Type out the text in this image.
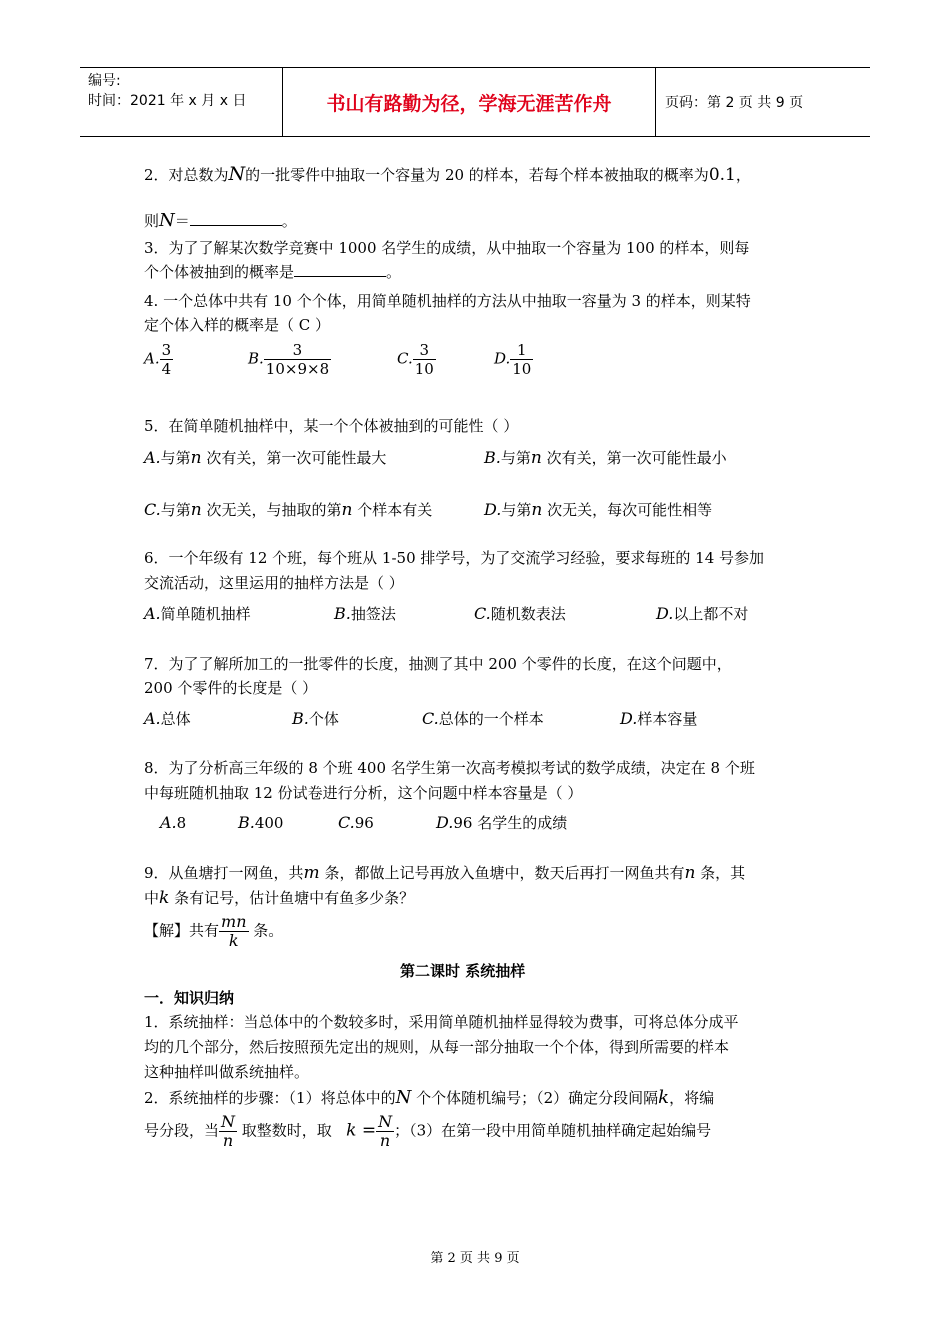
编号:
时间：2021 年 x 月 x 日	书山有路勤为径，学海无涯苦作舟	页码：第 2 页 共 9 页
2．对总数为N的一批零件中抽取一个容量为 20 的样本，若每个样本被抽取的概率为0.1，
则N＝	。
3．为了了解某次数学竞赛中 1000 名学生的成绩，从中抽取一个容量为 100 的样本，则每
个个体被抽到的概率是	。
4. 一个总体中共有 10 个个体，用简单随机抽样的方法从中抽取一容量为 3 的样本，则某特
定个体入样的概率是（ C ）
A. $\frac{3}{4}$	B. $\frac{3}{10\times 9\times 8}$	C. $\frac{3}{10}$	D. $\frac{1}{10}$
5．在简单随机抽样中，某一个个体被抽到的可能性（ ）
A.与第n 次有关，第一次可能性最大	B.与第n 次有关，第一次可能性最小
C.与第n 次无关，与抽取的第n 个样本有关	D.与第n 次无关，每次可能性相等
6．一个年级有 12 个班，每个班从 1-50 排学号，为了交流学习经验，要求每班的 14 号参加
交流活动，这里运用的抽样方法是（ ）
A.简单随机抽样	B.抽签法	C.随机数表法	D.以上都不对
7．为了了解所加工的一批零件的长度，抽测了其中 200 个零件的长度，在这个问题中，
200 个零件的长度是（ ）
A.总体	B.个体	C.总体的一个样本	D.样本容量
8．为了分析高三年级的 8 个班 400 名学生第一次高考模拟考试的数学成绩，决定在 8 个班
中每班随机抽取 12 份试卷进行分析，这个问题中样本容量是（ ）
A.8	B.400	C.96	D.96 名学生的成绩
9．从鱼塘打一网鱼，共m 条，都做上记号再放入鱼塘中，数天后再打一网鱼共有n 条，其
中k 条有记号，估计鱼塘中有鱼多少条？
【解】共有 $\frac{mn}{k}$ 条。
第二课时 系统抽样
一．知识归纳
1．系统抽样：当总体中的个数较多时，采用简单随机抽样显得较为费事，可将总体分成平
均的几个部分，然后按照预先定出的规则，从每一部分抽取一个个体，得到所需要的样本
这种抽样叫做系统抽样。
2．系统抽样的步骤：（1）将总体中的N 个个体随机编号；（2）确定分段间隔k，将编
号分段，当 $\frac{N}{n}$ 取整数时，取 $k = \frac{N}{n}$ ；（3）在第一段中用简单随机抽样确定起始编号
第 2 页 共 9 页
